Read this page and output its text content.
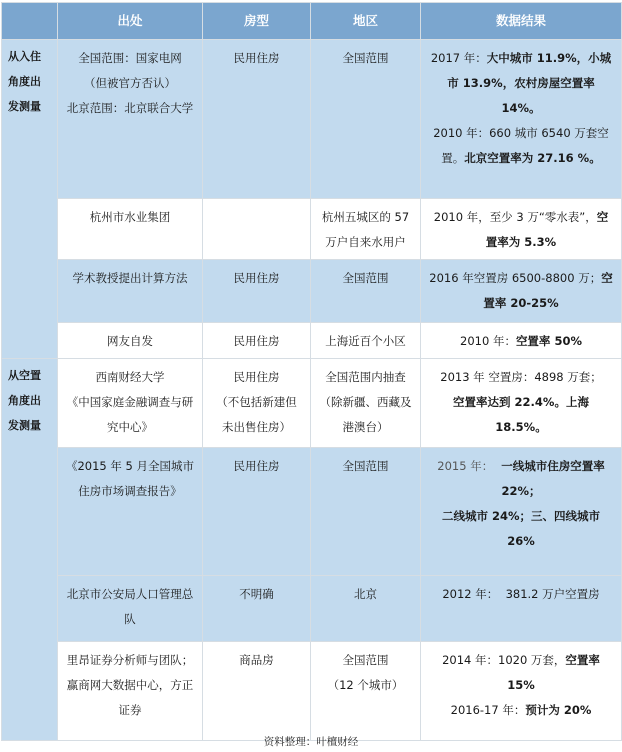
	出处	房型	地区	数据结果

从入住
角度出
发测量	全国范围：国家电网
（但被官方否认）
北京范围：北京联合大学	民用住房	全国范围	2017 年：大中城市 11.9%，小城
市 13.9%，农村房屋空置率
14%。
2010 年：660 城市 6540 万套空
置。北京空置率为 27.16 %。

	杭州市水业集团		杭州五城区的 57
万户自来水用户	2010 年，至少 3 万“零水表”，空
置率为 5.3%

	学术教授提出计算方法	民用住房	全国范围	2016 年空置房 6500-8800 万；空
置率 20-25%

	网友自发	民用住房	上海近百个小区	2010 年：空置率 50%

从空置
角度出
发测量	西南财经大学
《中国家庭金融调查与研
究中心》	民用住房
（不包括新建但
未出售住房）	全国范围内抽查
（除新疆、西藏及
港澳台）	2013 年 空置房：4898 万套；
空置率达到 22.4%。上海
18.5%。

	《2015 年 5 月全国城市
住房市场调查报告》	民用住房	全国范围	2015 年：  一线城市住房空置率
22%；
二线城市 24%；三、四线城市
26%

	北京市公安局人口管理总
队	不明确	北京	2012 年：  381.2 万户空置房

	里昂证券分析师与团队；
赢商网大数据中心，方正
证券	商品房	全国范围
（12 个城市）	2014 年：1020 万套，空置率
15%
2016-17 年：预计为 20%
资料整理：叶檀财经
